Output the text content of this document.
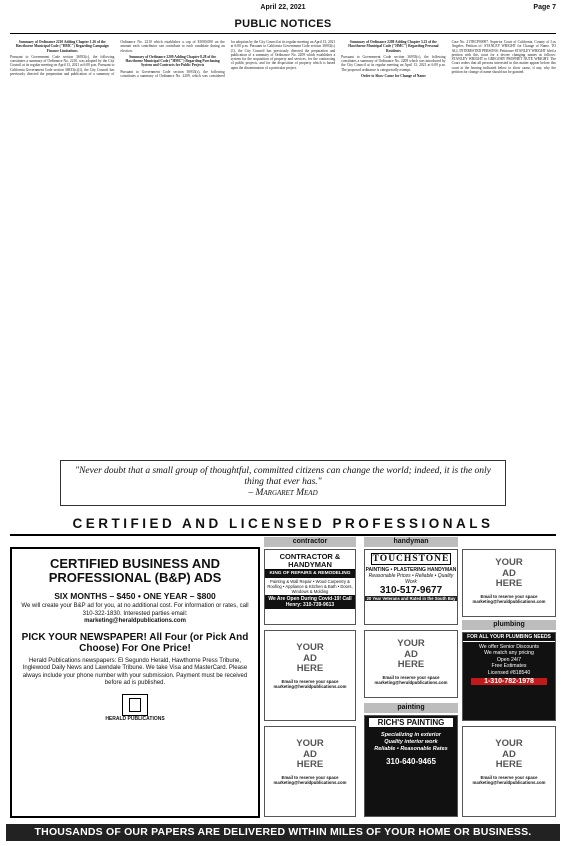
April 22, 2021	Page 7
PUBLIC NOTICES

Summary of Ordinance 2210 Adding Chapter 1.26 of the Hawthorne Municipal Code ("HMC") Regarding Campaign Finance Limitations

Pursuant to Government Code section 36933(c), the following constitutes a summary of Ordinance No. 2210, was adopted by the City Council at its regular meeting on April 13, 2021 at 6:00 p.m. Pursuant to California Government Code section 36933(c)(1), the City Council has previously directed the preparation and publication of a summary of Ordinance No. 2210 which establishes a cap of $1000,000 on the amount each contributor can contribute to each candidate during an election.

Summary of Ordinance 2209 Adding Chapter 8.28 of the Hawthorne Municipal Code ("HMC") Regarding Purchasing System and Contracts for Public Projects

Pursuant to Government Code section 36933(c), the following constitutes a summary of Ordinance No. 2209, which was considered for adoption by the City Council at its regular meeting on April 13, 2021 at 6:00 p.m. Pursuant to California Government Code section 36933(c)(1), the City Council has previously directed the preparation and publication of a summary of Ordinance No. 2209 which establishes a system for the acquisition of property and services, for the contracting of public projects, and for the disposition of property which is based upon the dissemination of a particular project.

Summary of Ordinance 2208 Adding Chapter 5.23 of the Hawthorne Municipal Code ("HMC") Regarding Personal Residents

Pursuant to Government Code section 36933(c), the following constitutes a summary of Ordinance No. 2208 which was introduced by the City Council at its regular meeting on April 13, 2021 at 6:00 p.m. The proposed ordinance is categorically exempt.

Order to Show Cause for Change of Name

Case No. 21TRCP00097. Superior Court of California, County of Los Angeles. Petition of: STANLEY WRIGHT for Change of Name. TO ALL INTERESTED PERSONS: Petitioner STANLEY WRIGHT filed a petition with this court for a decree changing names as follows: STANLEY WRIGHT to GREGORY PROPHET NUTE WRIGHT. The Court orders that all persons interested in this matter appear before this court at the hearing indicated below to show cause, if any, why the petition for change of name should not be granted.

"Never doubt that a small group of thoughtful, committed citizens can change the world; indeed, it is the only thing that ever has."
– Margaret Mead
CERTIFIED AND LICENSED PROFESSIONALS
contractor	handyman
painting
plumbing
CERTIFIED BUSINESS AND PROFESSIONAL (B&P) ADS
SIX MONTHS – $450 • ONE YEAR – $800
We will create your B&P ad for you, at no additional cost. For information or rates, call 310-322-1830. Interested parties email:
marketing@heraldpublications.com
PICK YOUR NEWSPAPER! All Four (or Pick And Choose) For One Price!
Herald Publications newspapers: El Segundo Herald, Hawthorne Press Tribune, Inglewood Daily News and Lawndale Tribune. We take Visa and MasterCard. Please always include your phone number with your submission. Payment must be received before ad is published.
HERALD PUBLICATIONS
CONTRACTOR & HANDYMAN
KING OF REPAIRS & REMODELING
Painting & Wall Repair • Wood Carpentry & Roofing • Appliance & Kitchen & Bath • Doors, Windows & Molding
We Are Open During Covid-19! Call Henry: 310-739-9613
TOUCHSTONE
PAINTING • PLASTERING HANDYMAN
Reasonable Prices • Reliable • Quality Work
310-517-9677
20 Year Veterans and Rated in the South Bay
YOUR
AD
HERE
Email to reserve your space
marketing@heraldpublications.com
YOUR
AD
HERE
Email to reserve your space
marketing@heraldpublications.com
YOUR
AD
HERE
Email to reserve your space
marketing@heraldpublications.com
FOR ALL YOUR PLUMBING NEEDS
We offer Senior Discounts
We match any pricing
Open 24/7
Free Estimates
Licensed #818540
1-310-782-1978
YOUR
AD
HERE
Email to reserve your space
marketing@heraldpublications.com
RICH'S PAINTING
Specializing in exterior
Quality interior work
Reliable • Reasonable Rates
310-640-9465
YOUR
AD
HERE
Email to reserve your space
marketing@heraldpublications.com
THOUSANDS OF OUR PAPERS ARE DELIVERED WITHIN MILES OF YOUR HOME OR BUSINESS.
